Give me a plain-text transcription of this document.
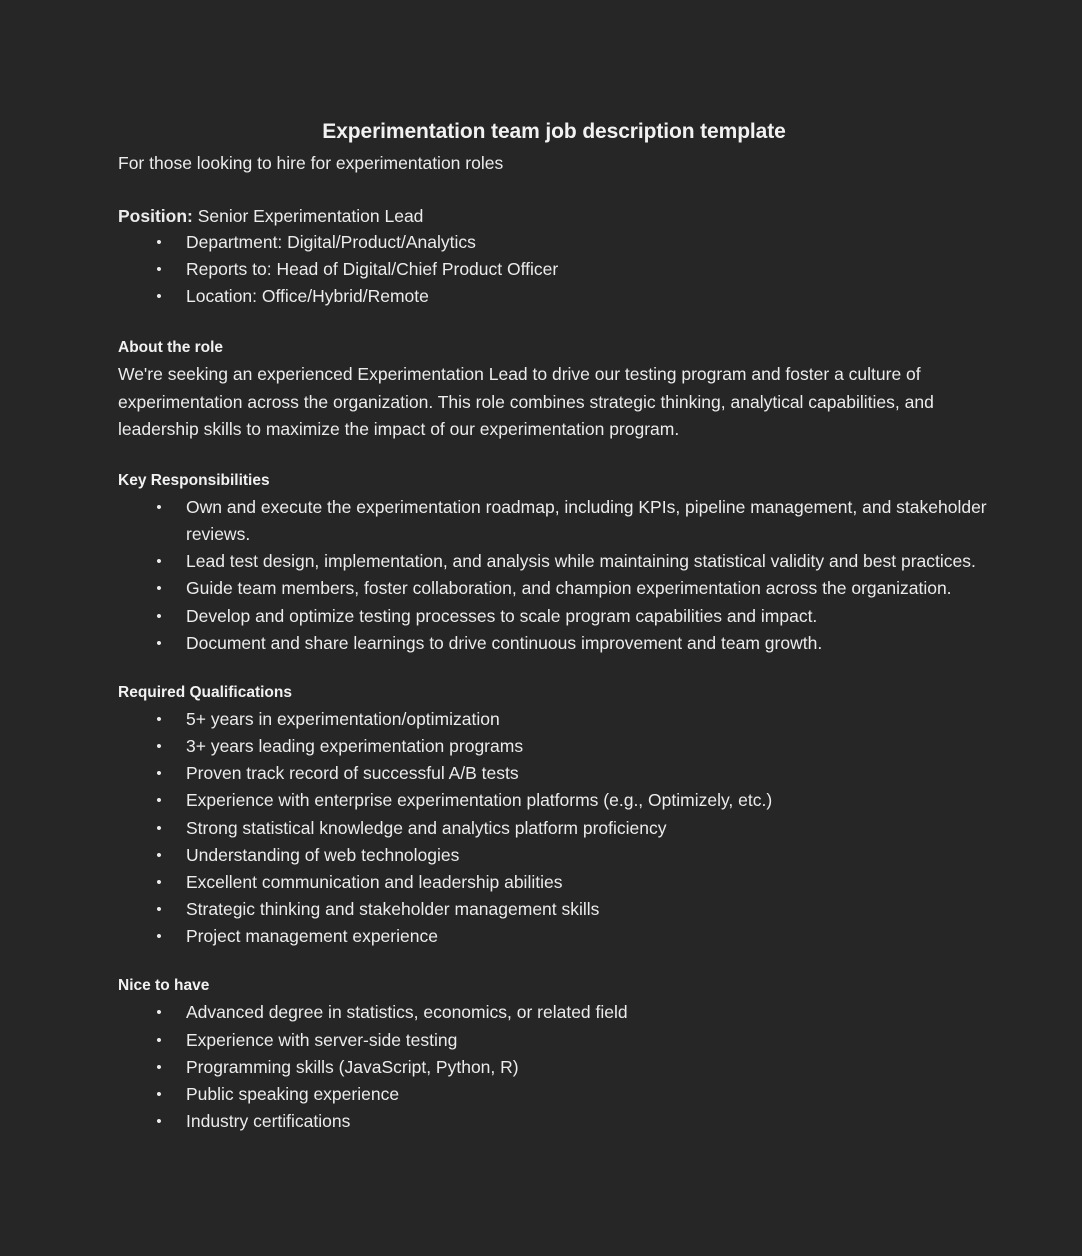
Experimentation team job description template

For those looking to hire for experimentation roles

Position: Senior Experimentation Lead

• Department: Digital/Product/Analytics
• Reports to: Head of Digital/Chief Product Officer
• Location: Office/Hybrid/Remote
About the role

We're seeking an experienced Experimentation Lead to drive our testing program and foster a culture of experimentation across the organization. This role combines strategic thinking, analytical capabilities, and leadership skills to maximize the impact of our experimentation program.

Key Responsibilities
• Own and execute the experimentation roadmap, including KPIs, pipeline management, and stakeholder reviews.
• Lead test design, implementation, and analysis while maintaining statistical validity and best practices.
• Guide team members, foster collaboration, and champion experimentation across the organization.
• Develop and optimize testing processes to scale program capabilities and impact.
• Document and share learnings to drive continuous improvement and team growth.
Required Qualifications
• 5+ years in experimentation/optimization
• 3+ years leading experimentation programs
• Proven track record of successful A/B tests
• Experience with enterprise experimentation platforms (e.g., Optimizely, etc.)
• Strong statistical knowledge and analytics platform proficiency
• Understanding of web technologies
• Excellent communication and leadership abilities
• Strategic thinking and stakeholder management skills
• Project management experience
Nice to have
• Advanced degree in statistics, economics, or related field
• Experience with server-side testing
• Programming skills (JavaScript, Python, R)
• Public speaking experience
• Industry certifications
